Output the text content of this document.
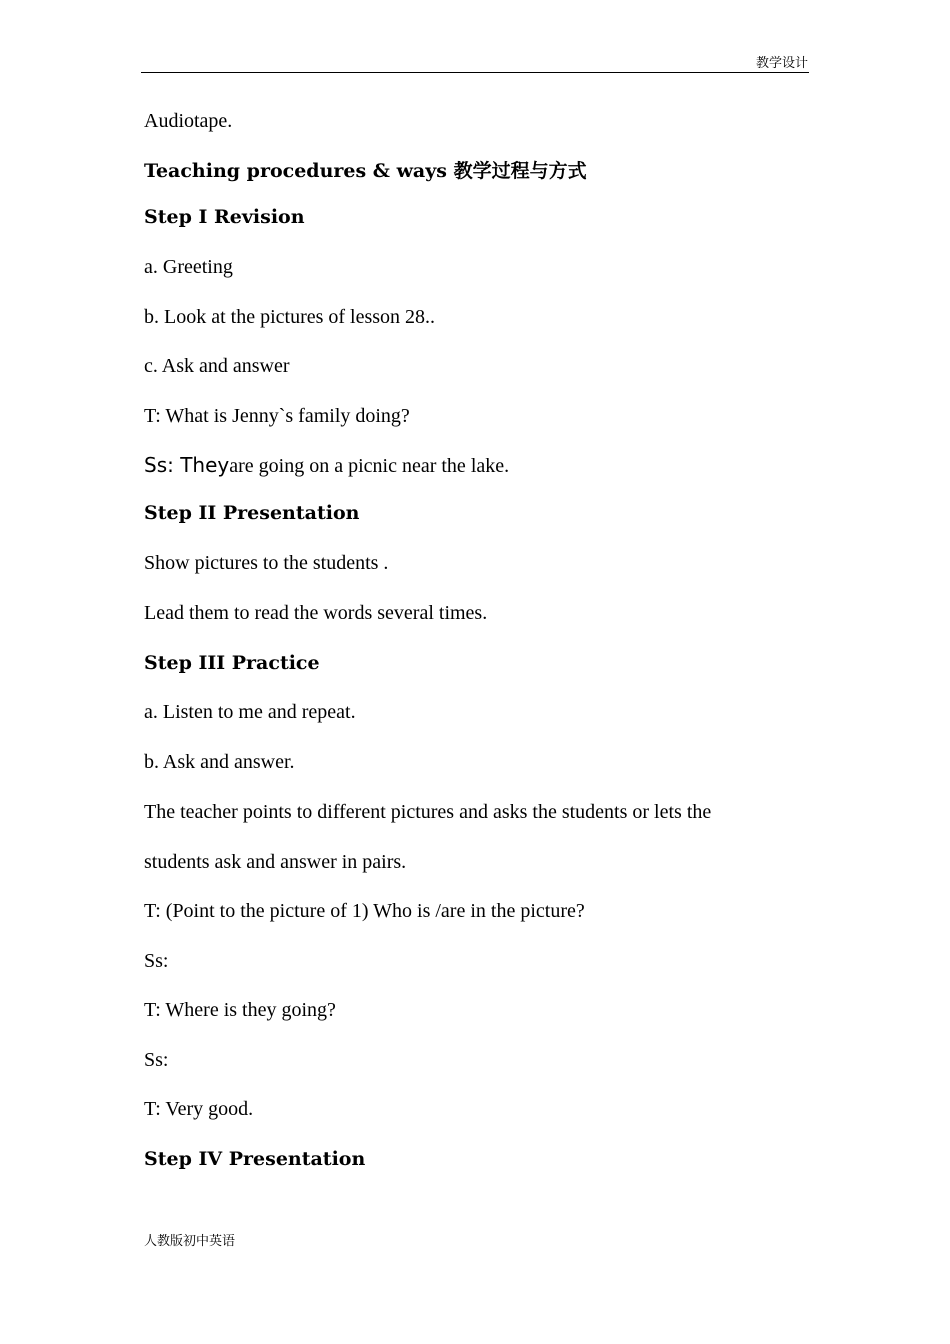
教学设计
Audiotape.
Teaching procedures & ways 教学过程与方式
Step I Revision
a. Greeting
b. Look at the pictures of lesson 28..
c. Ask and answer
T: What is Jenny`s family doing?
Ss: Theyare going on a picnic near the lake.
Step II Presentation
Show pictures to the students .
Lead them to read the words several times.
Step III Practice
a. Listen to me and repeat.
b. Ask and answer.
The teacher points to different pictures and asks the students or lets the
students ask and answer in pairs.
T: (Point to the picture of 1) Who is /are in the picture?
Ss:
T: Where is they going?
Ss:
T: Very good.
Step IV Presentation
人教版初中英语
